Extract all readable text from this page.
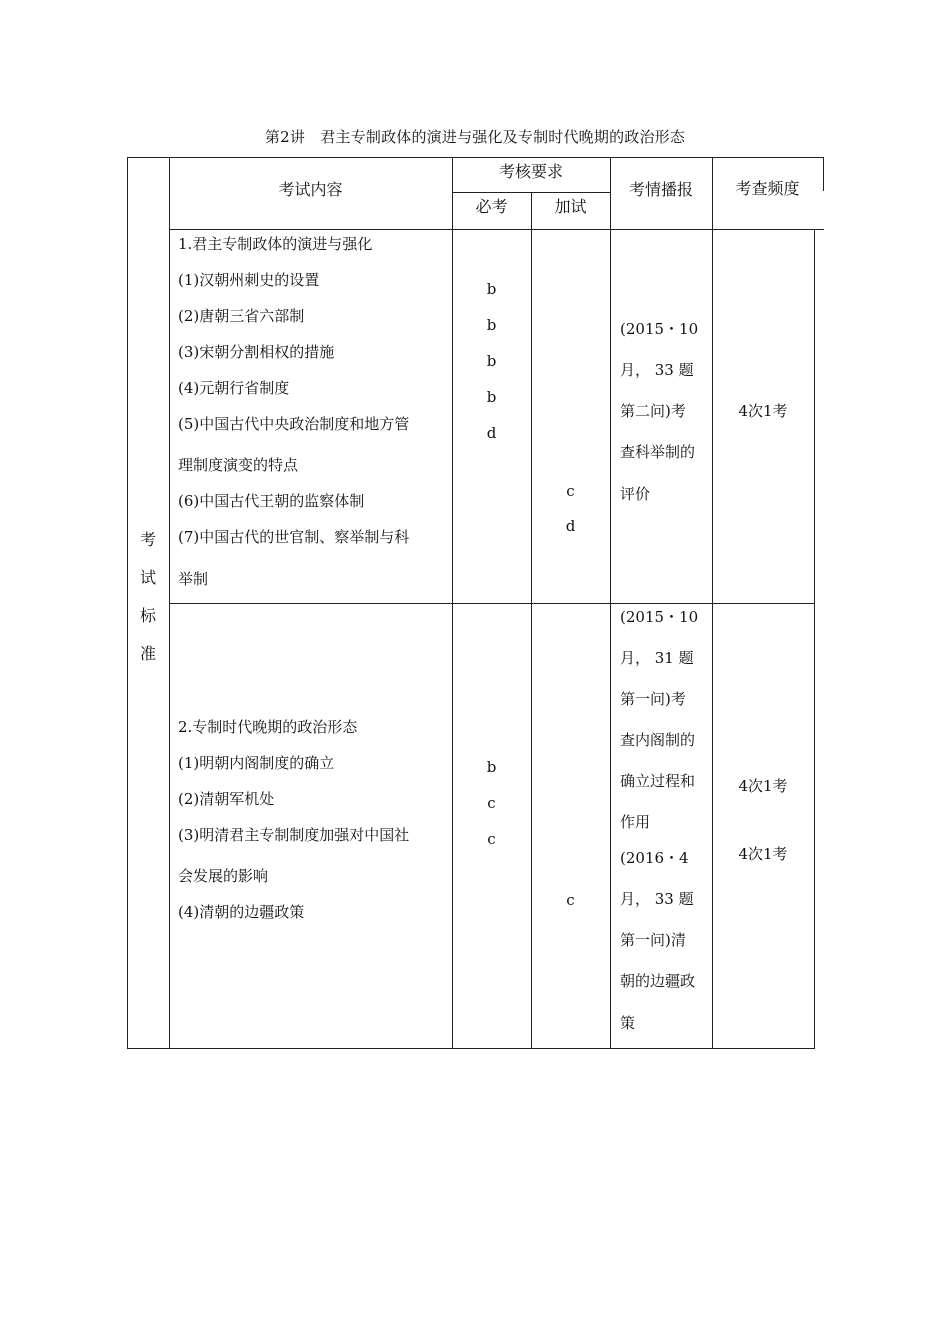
第2讲　君主专制政体的演进与强化及专制时代晚期的政治形态
考
试
标
准
考试内容
考核要求
必考	加试
考情播报	考查频度
1.君主专制政体的演进与强化
(1)汉朝州刺史的设置
(2)唐朝三省六部制
(3)宋朝分割相权的措施
(4)元朝行省制度
(5)中国古代中央政治制度和地方管
理制度演变的特点
(6)中国古代王朝的监察体制
(7)中国古代的世官制、察举制与科
举制
b
b
b
b
d
c
d
(2015・10
月， 33 题
第二问)考
查科举制的
评价
4次1考
2.专制时代晚期的政治形态
(1)明朝内阁制度的确立
(2)清朝军机处
(3)明清君主专制制度加强对中国社
会发展的影响
(4)清朝的边疆政策
b
c
c
c
(2015・10
月， 31 题
第一问)考
查内阁制的
确立过程和
作用
(2016・4
月， 33 题
第一问)清
朝的边疆政
策
4次1考
4次1考
